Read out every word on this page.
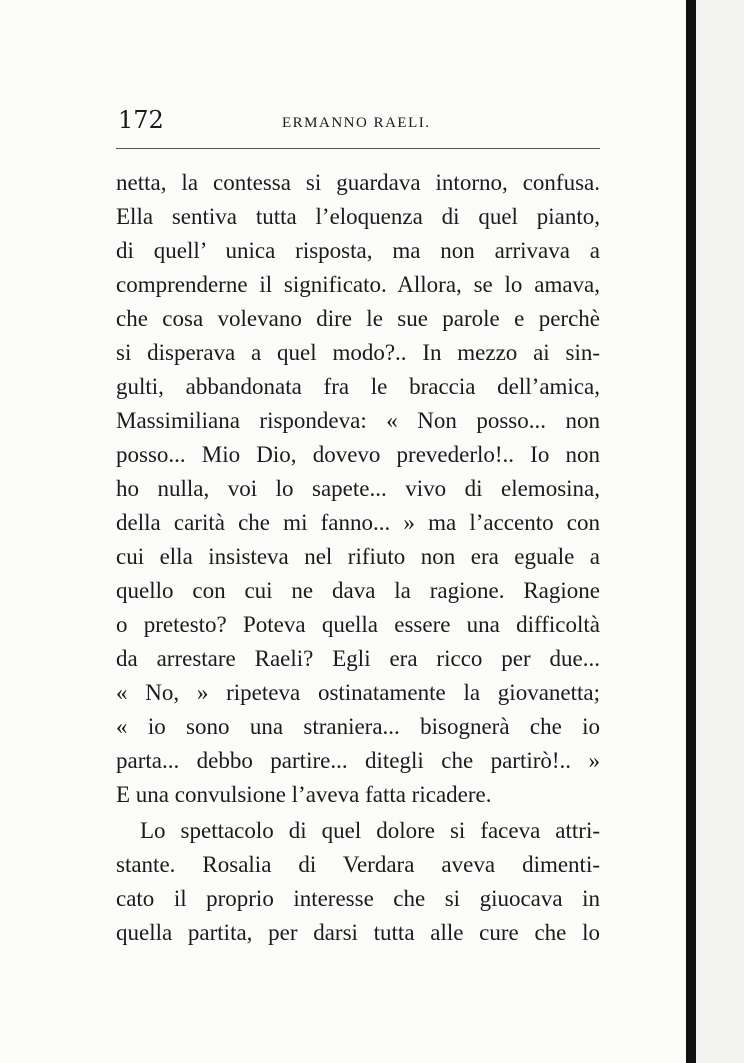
172	ERMANNO RAELI.
netta, la contessa si guardava intorno, confusa.
Ella sentiva tutta l’eloquenza di quel pianto,
di quell’ unica risposta, ma non arrivava a
comprenderne il significato. Allora, se lo amava,
che cosa volevano dire le sue parole e perchè
si disperava a quel modo?.. In mezzo ai sin-
gulti, abbandonata fra le braccia dell’amica,
Massimiliana rispondeva: « Non posso... non
posso... Mio Dio, dovevo prevederlo!.. Io non
ho nulla, voi lo sapete... vivo di elemosina,
della carità che mi fanno... » ma l’accento con
cui ella insisteva nel rifiuto non era eguale a
quello con cui ne dava la ragione. Ragione
o pretesto? Poteva quella essere una difficoltà
da arrestare Raeli? Egli era ricco per due...
« No, » ripeteva ostinatamente la giovanetta;
« io sono una straniera... bisognerà che io
parta... debbo partire... ditegli che partirò!.. »
E una convulsione l’aveva fatta ricadere.
Lo spettacolo di quel dolore si faceva attri-
stante. Rosalia di Verdara aveva dimenti-
cato il proprio interesse che si giuocava in
quella partita, per darsi tutta alle cure che lo
